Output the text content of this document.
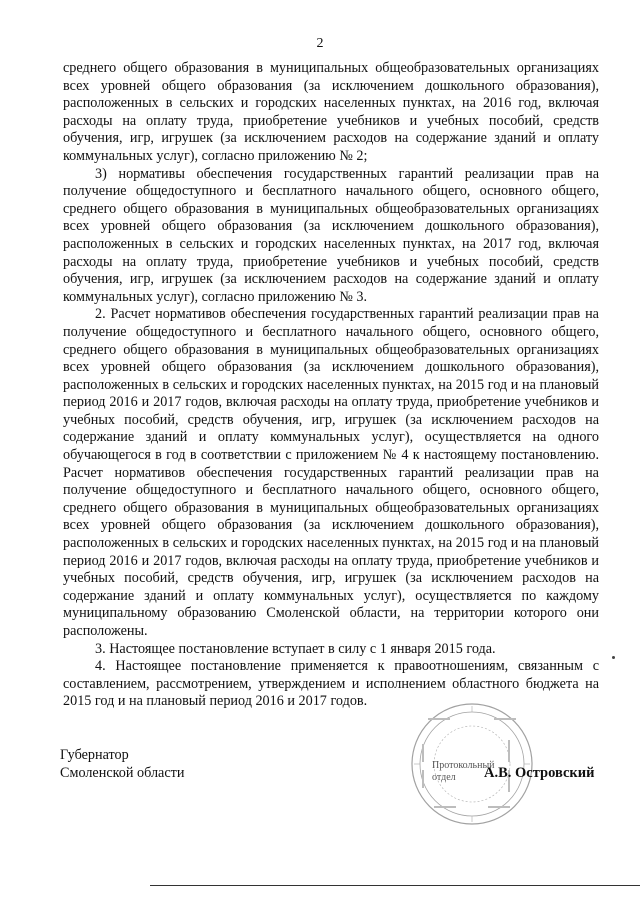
2

среднего общего образования в муниципальных общеобразовательных организациях всех уровней общего образования (за исключением дошкольного образования), расположенных в сельских и городских населенных пунктах, на 2016 год, включая расходы на оплату труда, приобретение учебников и учебных пособий, средств обучения, игр, игрушек (за исключением расходов на содержание зданий и оплату коммунальных услуг), согласно приложению № 2;

3) нормативы обеспечения государственных гарантий реализации прав на получение общедоступного и бесплатного начального общего, основного общего, среднего общего образования в муниципальных общеобразовательных организациях всех уровней общего образования (за исключением дошкольного образования), расположенных в сельских и городских населенных пунктах, на 2017 год, включая расходы на оплату труда, приобретение учебников и учебных пособий, средств обучения, игр, игрушек (за исключением расходов на содержание зданий и оплату коммунальных услуг), согласно приложению № 3.

2. Расчет нормативов обеспечения государственных гарантий реализации прав на получение общедоступного и бесплатного начального общего, основного общего, среднего общего образования в муниципальных общеобразовательных организациях всех уровней общего образования (за исключением дошкольного образования), расположенных в сельских и городских населенных пунктах, на 2015 год и на плановый период 2016 и 2017 годов, включая расходы на оплату труда, приобретение учебников и учебных пособий, средств обучения, игр, игрушек (за исключением расходов на содержание зданий и оплату коммунальных услуг), осуществляется на одного обучающегося в год в соответствии с приложением № 4 к настоящему постановлению. Расчет нормативов обеспечения государственных гарантий реализации прав на получение общедоступного и бесплатного начального общего, основного общего, среднего общего образования в муниципальных общеобразовательных организациях всех уровней общего образования (за исключением дошкольного образования), расположенных в сельских и городских населенных пунктах, на 2015 год и на плановый период 2016 и 2017 годов, включая расходы на оплату труда, приобретение учебников и учебных пособий, средств обучения, игр, игрушек (за исключением расходов на содержание зданий и оплату коммунальных услуг), осуществляется по каждому муниципальному образованию Смоленской области, на территории которого они расположены.

3. Настоящее постановление вступает в силу с 1 января 2015 года.

4. Настоящее постановление применяется к правоотношениям, связанным с составлением, рассмотрением, утверждением и исполнением областного бюджета на 2015 год и на плановый период 2016 и 2017 годов.

Губернатор
Смоленской области	Протокольный
отдел	А.В. Островский
